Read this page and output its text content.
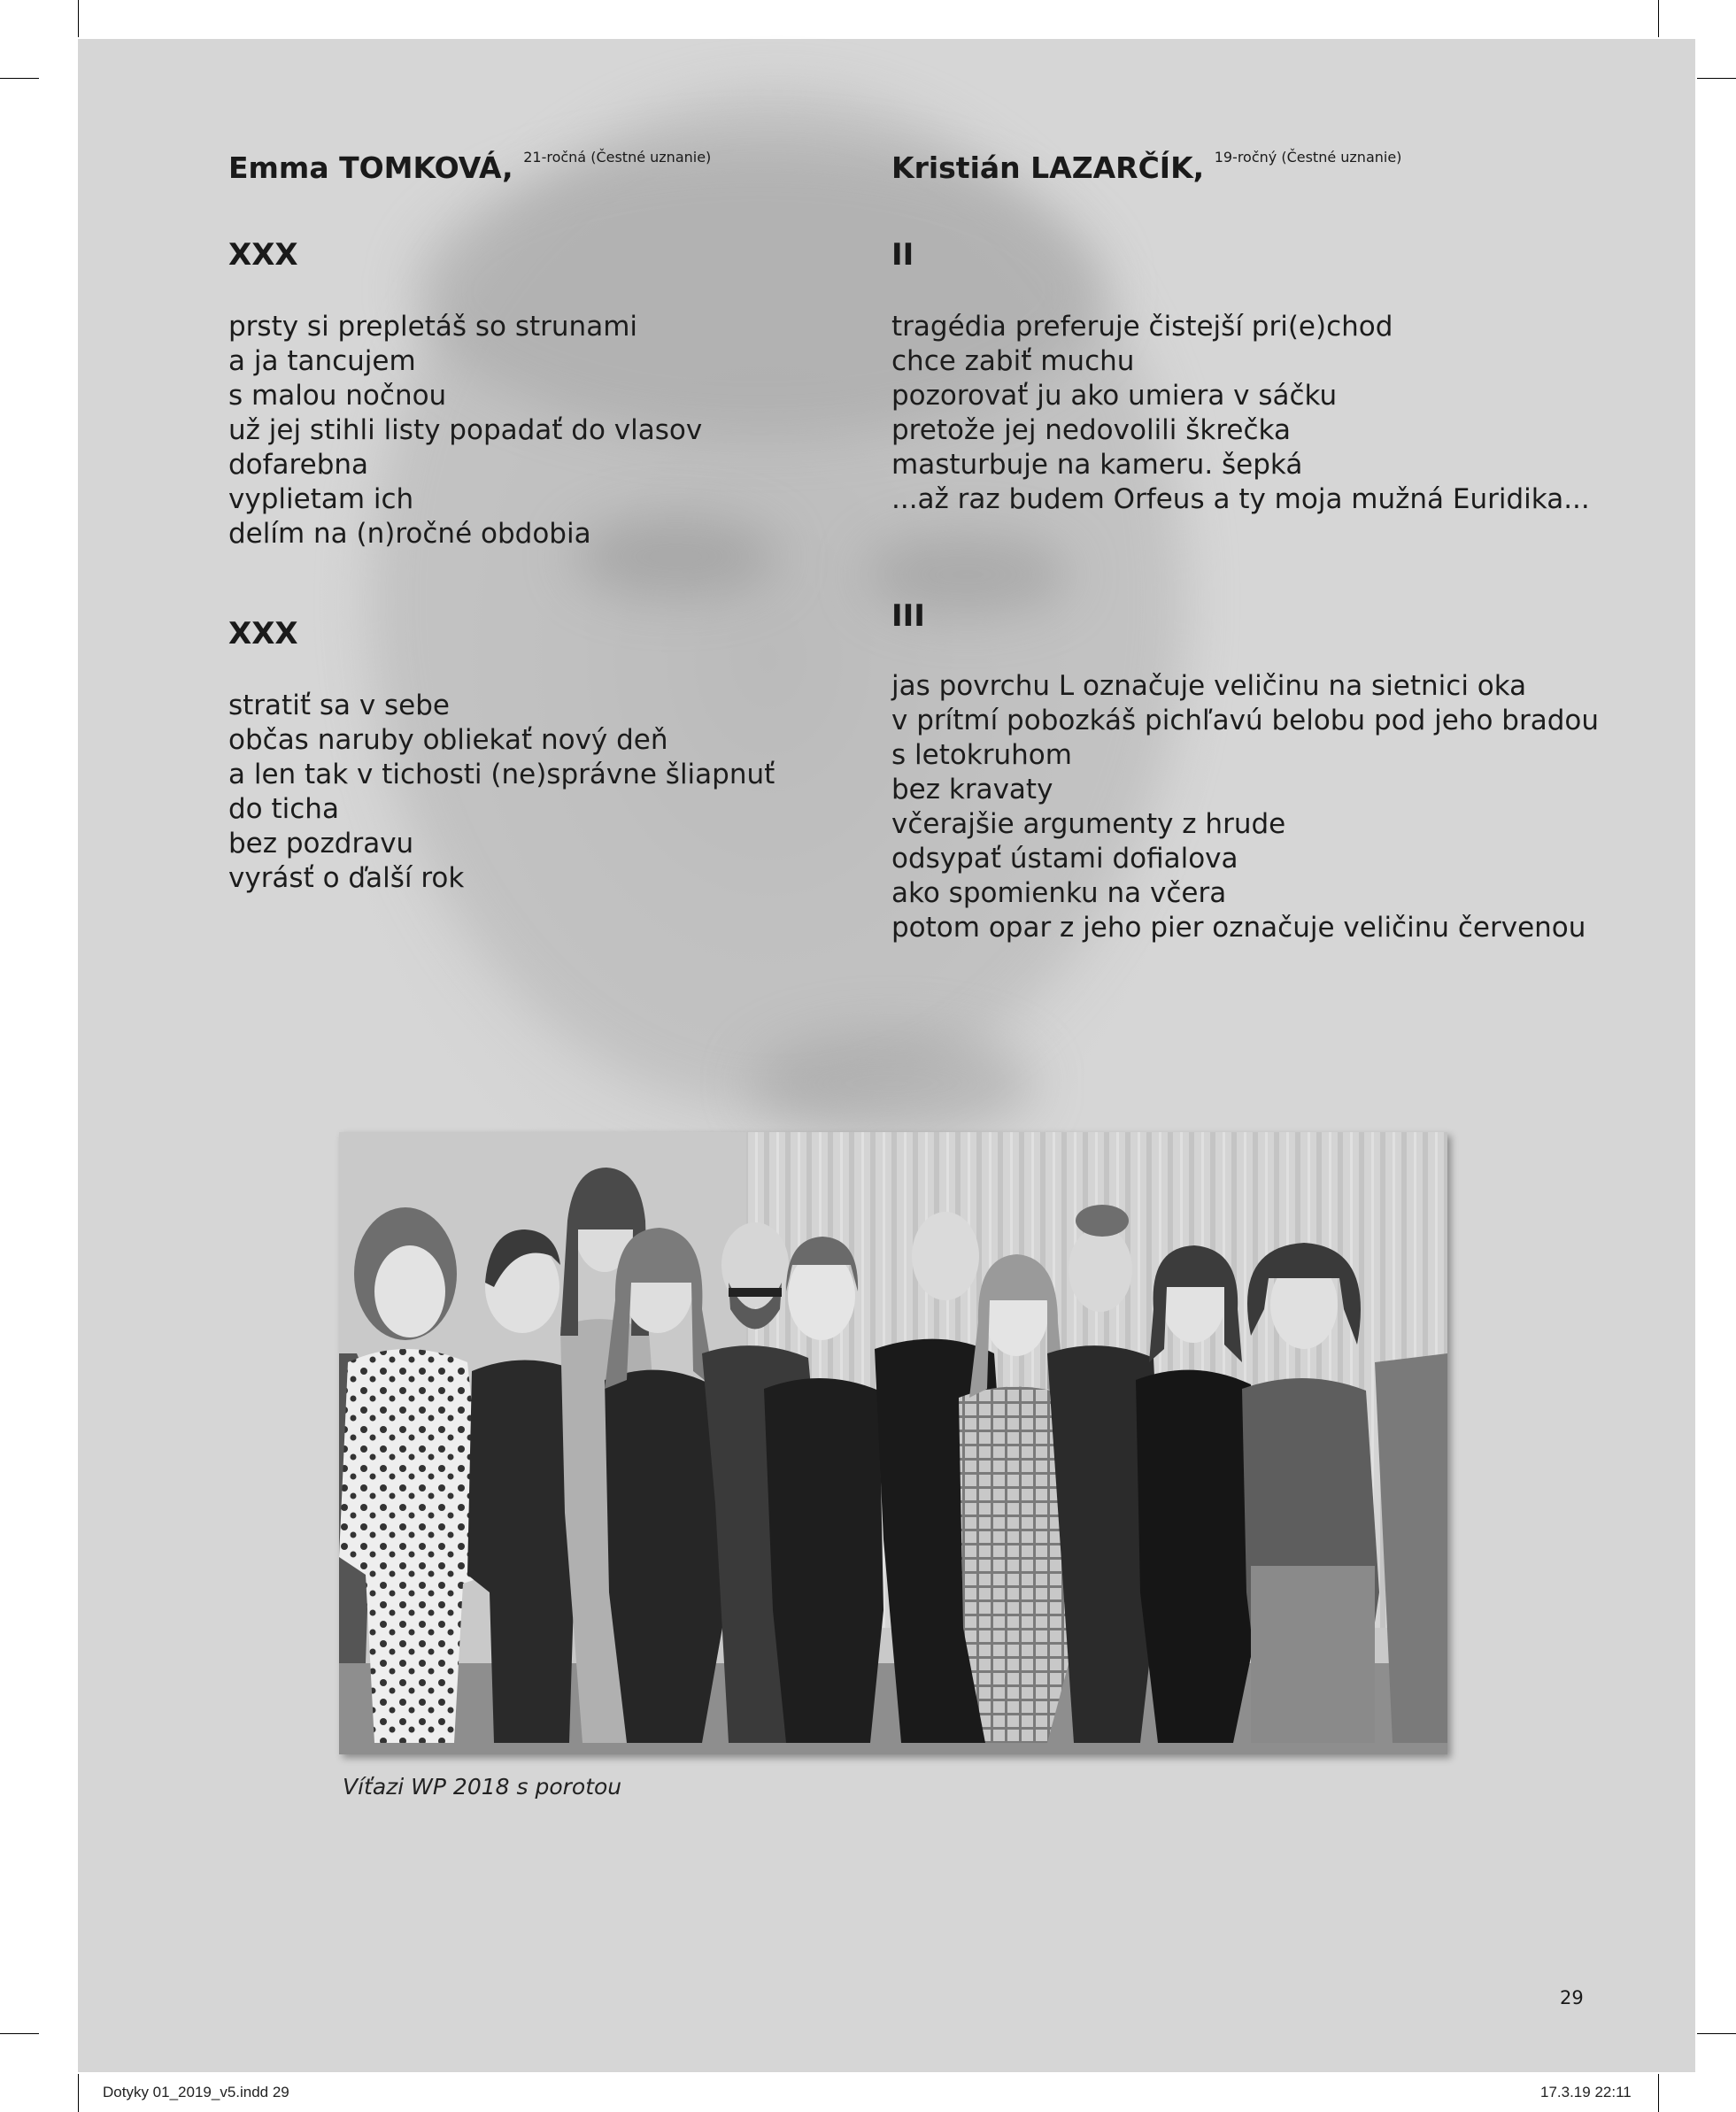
Emma TOMKOVÁ, $^{21-ročná (Čestné uznanie)}$
XXX
prsty si prepletáš so strunami
a ja tancujem
s malou nočnou
už jej stihli listy popadať do vlasov
dofarebna
vyplietam ich
delím na (n)ročné obdobia
XXX
stratiť sa v sebe
občas naruby obliekať nový deň
a len tak v tichosti (ne)správne šliapnuť
do ticha
bez pozdravu
vyrásť o ďalší rok
Kristián LAZARČÍK, $^{19-ročný (Čestné uznanie)}$
II
tragédia preferuje čistejší pri(e)chod
chce zabiť muchu
pozorovať ju ako umiera v sáčku
pretože jej nedovolili škrečka
masturbuje na kameru. šepká
...až raz budem Orfeus a ty moja mužná Euridika...
III
jas povrchu L označuje veličinu na sietnici oka
v prítmí pobozkáš pichľavú belobu pod jeho bradou
s letokruhom
bez kravaty
včerajšie argumenty z hrude
odsypať ústami dofialova
ako spomienku na včera
potom opar z jeho pier označuje veličinu červenou
Víťazi WP 2018 s porotou
29
Dotyky 01_2019_v5.indd 29	17.3.19 22:11
